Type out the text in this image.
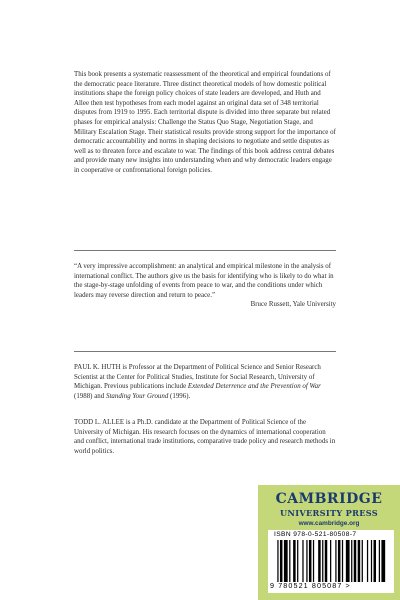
This book presents a systematic reassessment of the theoretical and empirical foundations of the democratic peace literature. Three distinct theoretical models of how domestic political institutions shape the foreign policy choices of state leaders are developed, and Huth and Allee then test hypotheses from each model against an original data set of 348 territorial disputes from 1919 to 1995. Each territorial dispute is divided into three separate but related phases for empirical analysis: Challenge the Status Quo Stage, Negotiation Stage, and Military Escalation Stage. Their statistical results provide strong support for the importance of democratic accountability and norms in shaping decisions to negotiate and settle disputes as well as to threaten force and escalate to war. The findings of this book address central debates and provide many new insights into understanding when and why democratic leaders engage in cooperative or confrontational foreign policies.

“A very impressive accomplishment: an analytical and empirical milestone in the analysis of international conflict. The authors give us the basis for identifying who is likely to do what in the stage-by-stage unfolding of events from peace to war, and the conditions under which leaders may reverse direction and return to peace.”
Bruce Russett, Yale University

PAUL K. HUTH is Professor at the Department of Political Science and Senior Research Scientist at the Center for Political Studies, Institute for Social Research, University of Michigan. Previous publications include Extended Deterrence and the Prevention of War (1988) and Standing Your Ground (1996).

TODD L. ALLEE is a Ph.D. candidate at the Department of Political Science of the University of Michigan. His research focuses on the dynamics of international cooperation and conflict, international trade institutions, comparative trade policy and research methods in world politics.

CAMBRIDGE
UNIVERSITY PRESS
www.cambridge.org
ISBN 978-0-521-80508-7
9 780521 805087 >
